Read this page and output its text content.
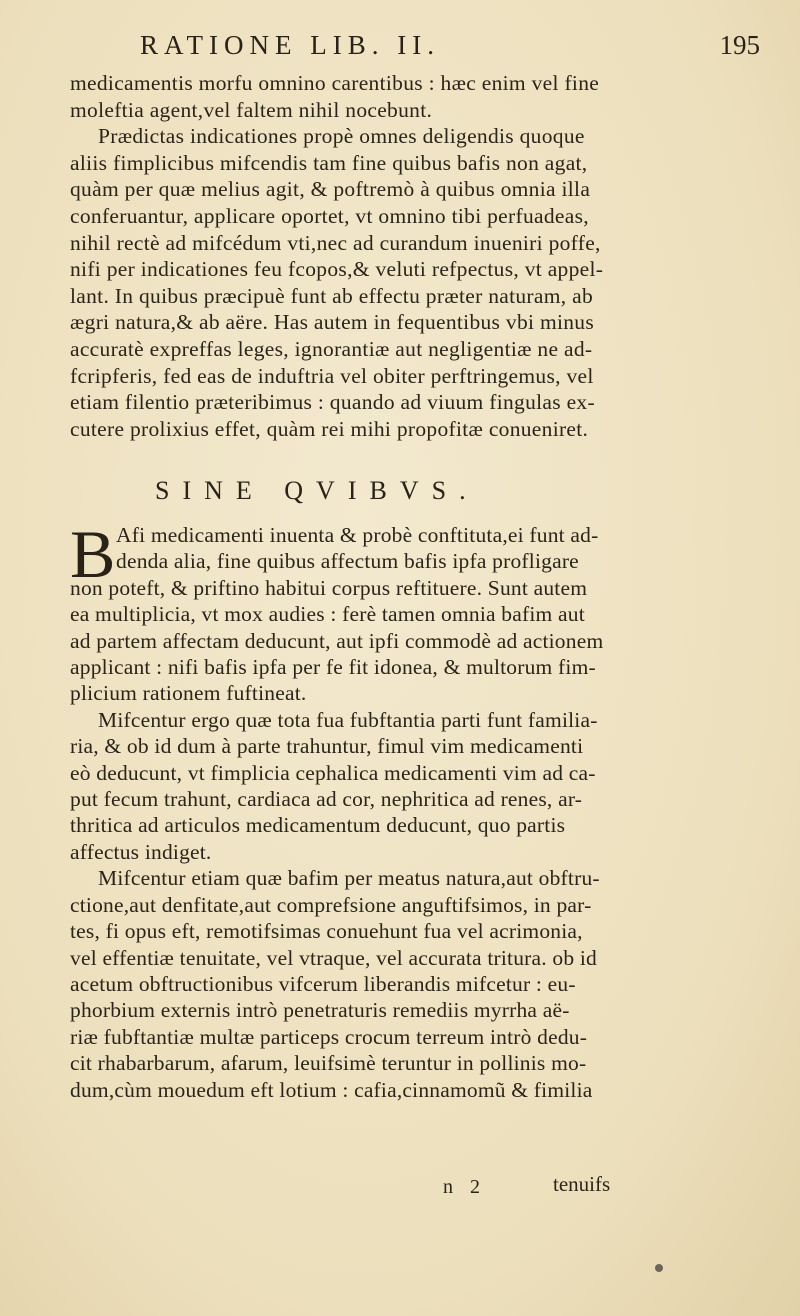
RATIONE LIB. II.	195
medicamentis morfu omnino carentibus : hæc enim vel fine
moleftia agent,vel faltem nihil nocebunt.
Prædictas indicationes propè omnes deligendis quoque
aliis fimplicibus mifcendis tam fine quibus bafis non agat,
quàm per quæ melius agit, & poftremò à quibus omnia illa
conferuantur, applicare oportet, vt omnino tibi perfuadeas,
nihil rectè ad mifcédum vti,nec ad curandum inueniri poffe,
nifi per indicationes feu fcopos,& veluti refpectus, vt appel-
lant. In quibus præcipuè funt ab effectu præter naturam, ab
ægri natura,& ab aëre. Has autem in fequentibus vbi minus
accuratè expreffas leges, ignorantiæ aut negligentiæ ne ad-
fcripferis, fed eas de induftria vel obiter perftringemus, vel
etiam filentio præteribimus : quando ad viuum fingulas ex-
cutere prolixius effet, quàm rei mihi propofitæ conueniret.
SINE QVIBVS.
B Afi medicamenti inuenta & probè conftituta,ei funt ad-
denda alia, fine quibus affectum bafis ipfa profligare
non poteft, & priftino habitui corpus reftituere. Sunt autem
ea multiplicia, vt mox audies : ferè tamen omnia bafim aut
ad partem affectam deducunt, aut ipfi commodè ad actionem
applicant : nifi bafis ipfa per fe fit idonea, & multorum fim-
plicium rationem fuftineat.
Mifcentur ergo quæ tota fua fubftantia parti funt familia-
ria, & ob id dum à parte trahuntur, fimul vim medicamenti
eò deducunt, vt fimplicia cephalica medicamenti vim ad ca-
put fecum trahunt, cardiaca ad cor, nephritica ad renes, ar-
thritica ad articulos medicamentum deducunt, quo partis
affectus indiget.
Mifcentur etiam quæ bafim per meatus natura,aut obftru-
ctione,aut denfitate,aut comprefsione anguftifsimos, in par-
tes, fi opus eft, remotifsimas conuehunt fua vel acrimonia,
vel effentiæ tenuitate, vel vtraque, vel accurata tritura. ob id
acetum obftructionibus vifcerum liberandis mifcetur : eu-
phorbium externis intrò penetraturis remediis myrrha aë-
riæ fubftantiæ multæ particeps crocum terreum intrò dedu-
cit rhabarbarum, afarum, leuifsimè teruntur in pollinis mo-
dum,cùm mouedum eft lotium : cafia,cinnamomũ & fimilia
n 2	tenuifs
